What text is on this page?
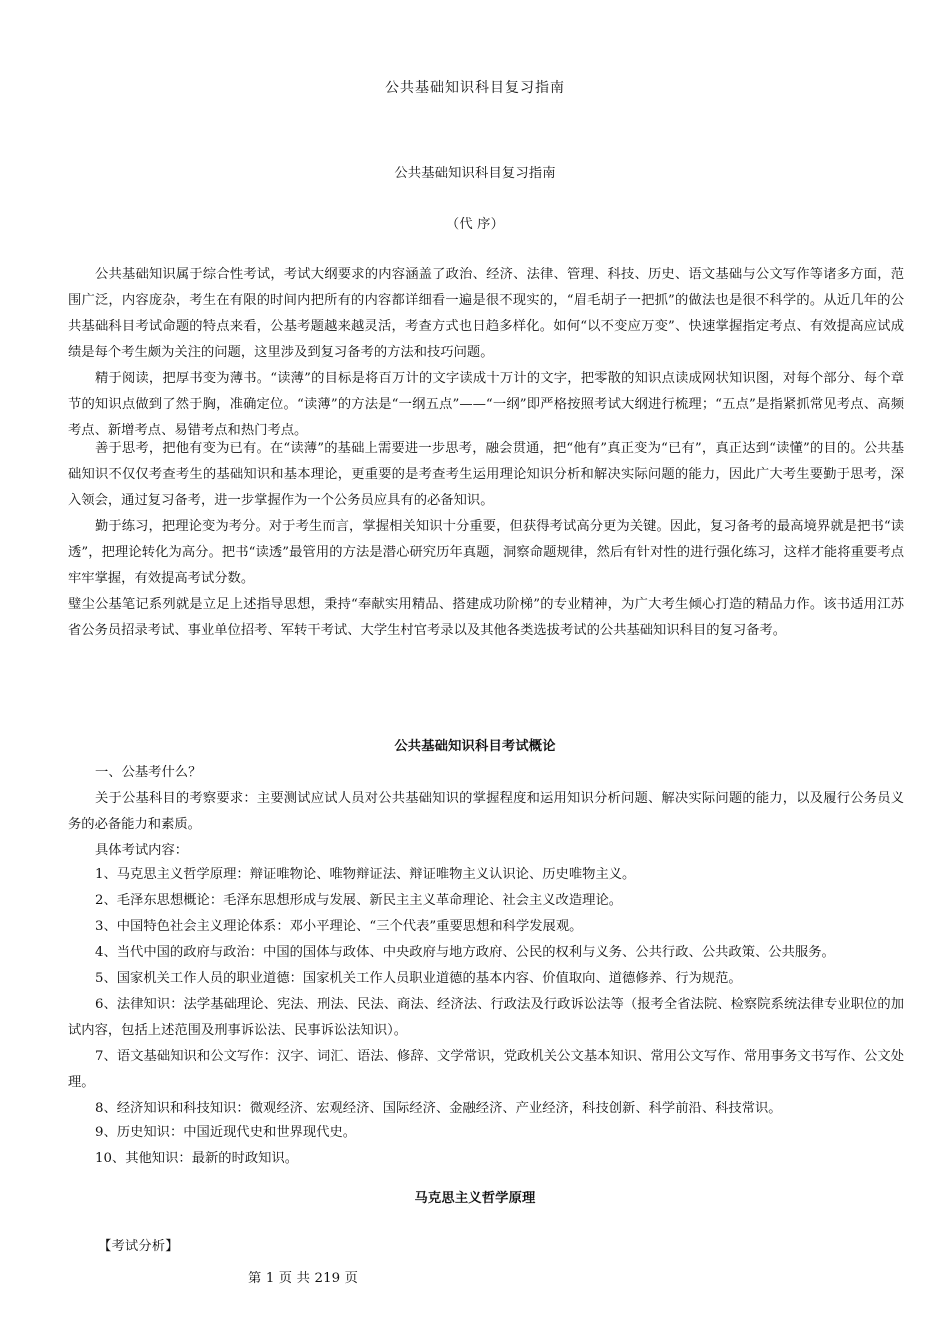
公共基础知识科目复习指南
公共基础知识科目复习指南
（代 序）

公共基础知识属于综合性考试，考试大纲要求的内容涵盖了政治、经济、法律、管理、科技、历史、语文基础与公文写作等诸多方面，范围广泛，内容庞杂，考生在有限的时间内把所有的内容都详细看一遍是很不现实的，“眉毛胡子一把抓”的做法也是很不科学的。从近几年的公共基础科目考试命题的特点来看，公基考题越来越灵活，考查方式也日趋多样化。如何“以不变应万变”、快速掌握指定考点、有效提高应试成绩是每个考生颇为关注的问题，这里涉及到复习备考的方法和技巧问题。

精于阅读，把厚书变为薄书。“读薄”的目标是将百万计的文字读成十万计的文字，把零散的知识点读成网状知识图，对每个部分、每个章节的知识点做到了然于胸，准确定位。“读薄”的方法是“一纲五点”——“一纲”即严格按照考试大纲进行梳理；“五点”是指紧抓常见考点、高频考点、新增考点、易错考点和热门考点。

善于思考，把他有变为已有。在“读薄”的基础上需要进一步思考，融会贯通，把“他有”真正变为“已有”，真正达到“读懂”的目的。公共基础知识不仅仅考查考生的基础知识和基本理论，更重要的是考查考生运用理论知识分析和解决实际问题的能力，因此广大考生要勤于思考，深入领会，通过复习备考，进一步掌握作为一个公务员应具有的必备知识。

勤于练习，把理论变为考分。对于考生而言，掌握相关知识十分重要，但获得考试高分更为关键。因此，复习备考的最高境界就是把书“读透”，把理论转化为高分。把书“读透”最管用的方法是潜心研究历年真题，洞察命题规律，然后有针对性的进行强化练习，这样才能将重要考点牢牢掌握，有效提高考试分数。

璧尘公基笔记系列就是立足上述指导思想，秉持“奉献实用精品、搭建成功阶梯”的专业精神，为广大考生倾心打造的精品力作。该书适用江苏省公务员招录考试、事业单位招考、军转干考试、大学生村官考录以及其他各类选拔考试的公共基础知识科目的复习备考。

公共基础知识科目考试概论

一、公基考什么？

关于公基科目的考察要求：主要测试应试人员对公共基础知识的掌握程度和运用知识分析问题、解决实际问题的能力，以及履行公务员义务的必备能力和素质。

具体考试内容：

1、马克思主义哲学原理：辩证唯物论、唯物辩证法、辩证唯物主义认识论、历史唯物主义。

2、毛泽东思想概论：毛泽东思想形成与发展、新民主主义革命理论、社会主义改造理论。

3、中国特色社会主义理论体系：邓小平理论、“三个代表”重要思想和科学发展观。

4、当代中国的政府与政治：中国的国体与政体、中央政府与地方政府、公民的权利与义务、公共行政、公共政策、公共服务。

5、国家机关工作人员的职业道德：国家机关工作人员职业道德的基本内容、价值取向、道德修养、行为规范。

6、法律知识：法学基础理论、宪法、刑法、民法、商法、经济法、行政法及行政诉讼法等（报考全省法院、检察院系统法律专业职位的加试内容，包括上述范围及刑事诉讼法、民事诉讼法知识）。

7、语文基础知识和公文写作：汉字、词汇、语法、修辞、文学常识，党政机关公文基本知识、常用公文写作、常用事务文书写作、公文处理。

8、经济知识和科技知识：微观经济、宏观经济、国际经济、金融经济、产业经济，科技创新、科学前沿、科技常识。

9、历史知识：中国近现代史和世界现代史。

10、其他知识：最新的时政知识。

马克思主义哲学原理
【考试分析】
第 1 页 共 219 页
